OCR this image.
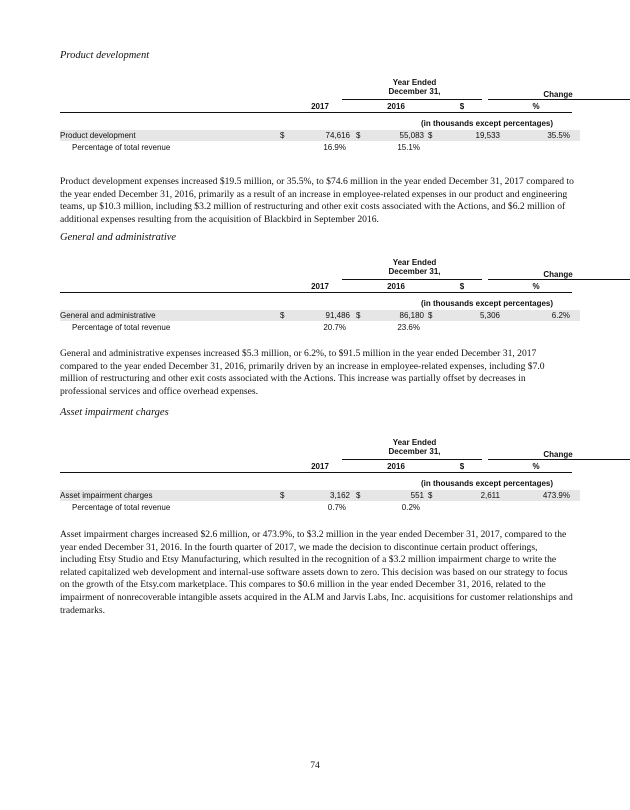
Product development
Year Ended
December 31,	Change
2017	2016	$	%
(in thousands except percentages)
Product development	$	74,616 $	55,083 $	19,533	35.5%
Percentage of total revenue	16.9%	15.1%
Product development expenses increased $19.5 million, or 35.5%, to $74.6 million in the year ended December 31, 2017 compared to the year ended December 31, 2016, primarily as a result of an increase in employee-related expenses in our product and engineering teams, up $10.3 million, including $3.2 million of restructuring and other exit costs associated with the Actions, and $6.2 million of additional expenses resulting from the acquisition of Blackbird in September 2016.
General and administrative
Year Ended
December 31,	Change
2017	2016	$	%
(in thousands except percentages)
General and administrative	$	91,486 $	86,180 $	5,306	6.2%
Percentage of total revenue	20.7%	23.6%
General and administrative expenses increased $5.3 million, or 6.2%, to $91.5 million in the year ended December 31, 2017 compared to the year ended December 31, 2016, primarily driven by an increase in employee-related expenses, including $7.0 million of restructuring and other exit costs associated with the Actions. This increase was partially offset by decreases in professional services and office overhead expenses.
Asset impairment charges
Year Ended
December 31,	Change
2017	2016	$	%
(in thousands except percentages)
Asset impairment charges	$	3,162 $	551 $	2,611	473.9%
Percentage of total revenue	0.7%	0.2%
Asset impairment charges increased $2.6 million, or 473.9%, to $3.2 million in the year ended December 31, 2017, compared to the year ended December 31, 2016. In the fourth quarter of 2017, we made the decision to discontinue certain product offerings, including Etsy Studio and Etsy Manufacturing, which resulted in the recognition of a $3.2 million impairment charge to write the related capitalized web development and internal-use software assets down to zero. This decision was based on our strategy to focus on the growth of the Etsy.com marketplace. This compares to $0.6 million in the year ended December 31, 2016, related to the impairment of nonrecoverable intangible assets acquired in the ALM and Jarvis Labs, Inc. acquisitions for customer relationships and trademarks.
74
